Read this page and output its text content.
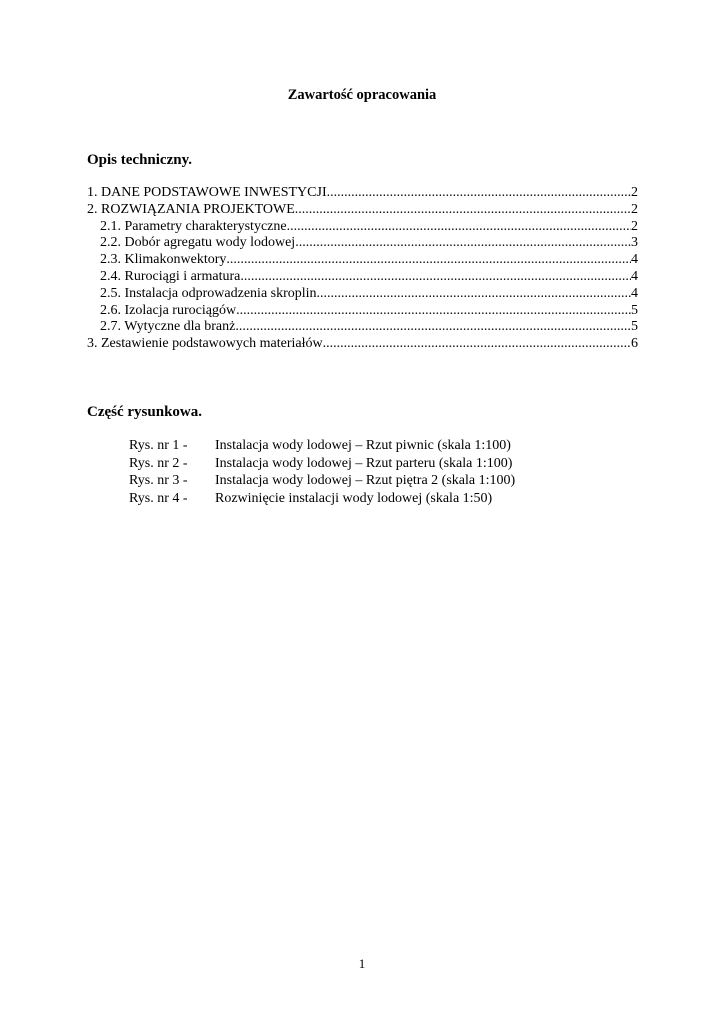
Zawartość opracowania
Opis techniczny.
1. DANE PODSTAWOWE INWESTYCJI .....	2
2. ROZWIĄZANIA PROJEKTOWE .....	2
2.1. Parametry charakterystyczne .....	2
2.2. Dobór agregatu wody lodowej .....	3
2.3. Klimakonwektory .....	4
2.4. Rurociągi i armatura .....	4
2.5. Instalacja odprowadzenia skroplin .....	4
2.6. Izolacja rurociągów .....	5
2.7. Wytyczne dla branż .....	5
3. Zestawienie podstawowych materiałów .....	6
Część rysunkowa.
Rys. nr 1 -	Instalacja wody lodowej – Rzut piwnic (skala 1:100)
Rys. nr 2 -	Instalacja wody lodowej – Rzut parteru (skala 1:100)
Rys. nr 3 -	Instalacja wody lodowej – Rzut piętra 2 (skala 1:100)
Rys. nr 4 -	Rozwinięcie instalacji wody lodowej (skala 1:50)
1
